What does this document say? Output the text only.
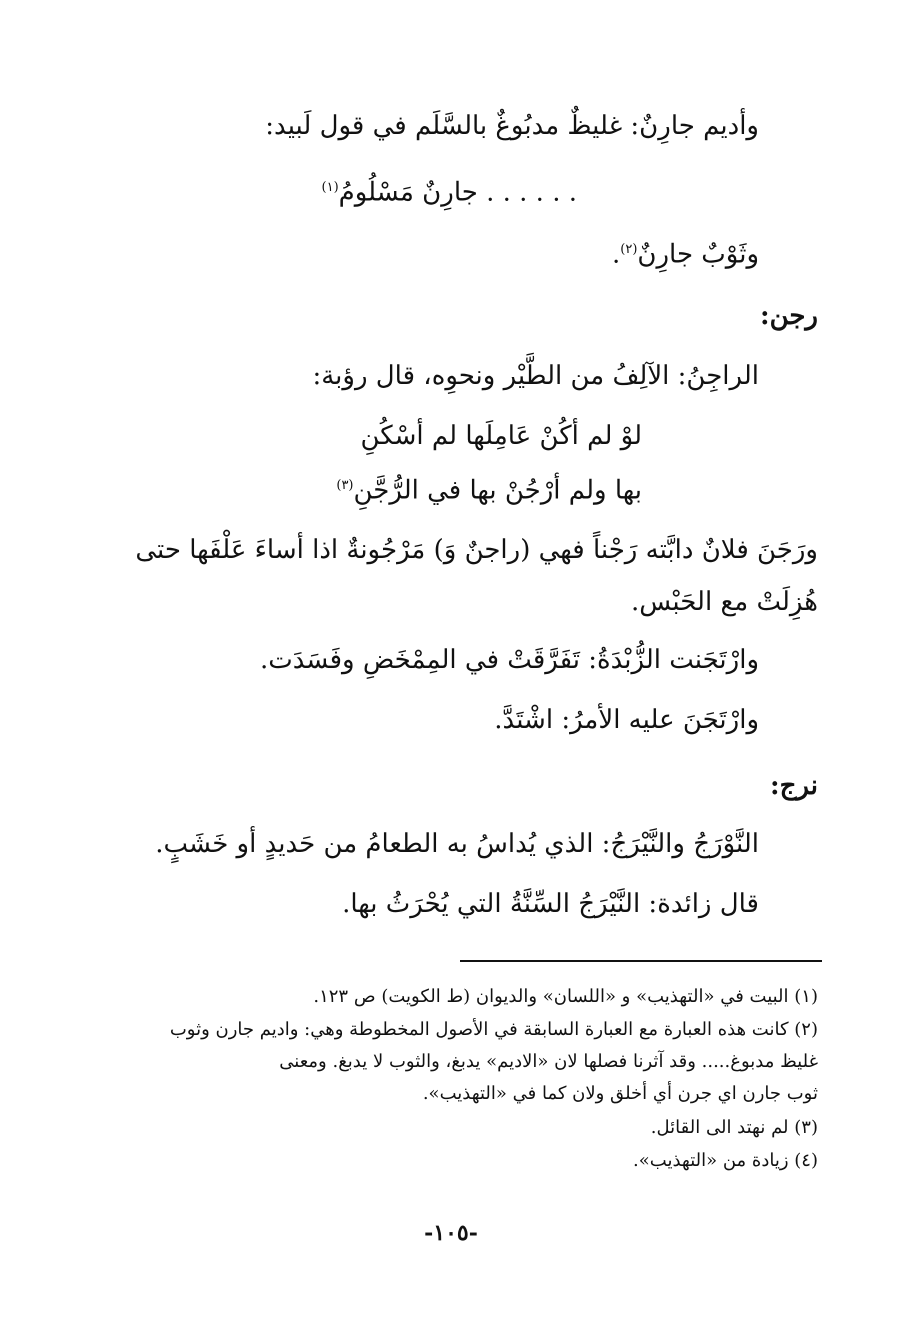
وأديم جارِنٌ: غليظٌ مدبُوغٌ بالسَّلَم في قول لَبيد:
. . . . . . جارِنٌ مَسْلُومُ$^{(١)}$
وثَوْبٌ جارِنٌ$^{(٢)}$.
رجن:
الراجِنُ: الآلِفُ من الطَّيْر ونحوِه، قال رؤبة:
لوْ لم أكُنْ عَامِلَها لم أسْكُنِ
بها ولم أرْجُنْ بها في الرُّجَّنِ$^{(٣)}$
ورَجَنَ فلانٌ دابَّته رَجْناً فهي (راجنٌ وَ) مَرْجُونةٌ اذا أساءَ عَلْفَها حتى
هُزِلَتْ مع الحَبْس.
وارْتَجَنت الزُّبْدَةُ: تَفَرَّقَتْ في المِمْخَضِ وفَسَدَت.
وارْتَجَنَ عليه الأمرُ: اشْتَدَّ.
نرج:
النَّوْرَجُ والنَّيْرَجُ: الذي يُداسُ به الطعامُ من حَديدٍ أو خَشَبٍ.
قال زائدة: النَّيْرَجُ السِّنَّةُ التي يُحْرَثُ بها.
(١) البيت في «التهذيب» و «اللسان» والديوان (ط الكويت) ص ١٢٣.
(٢) كانت هذه العبارة مع العبارة السابقة في الأصول المخطوطة وهي: واديم جارن وثوب
غليظ مدبوغ..... وقد آثرنا فصلها لان «الاديم» يدبغ، والثوب لا يدبغ. ومعنى
ثوب جارن اي جرن أي أخلق ولان كما في «التهذيب».
(٣) لم نهتد الى القائل.
(٤) زيادة من «التهذيب».
-١٠٥-
